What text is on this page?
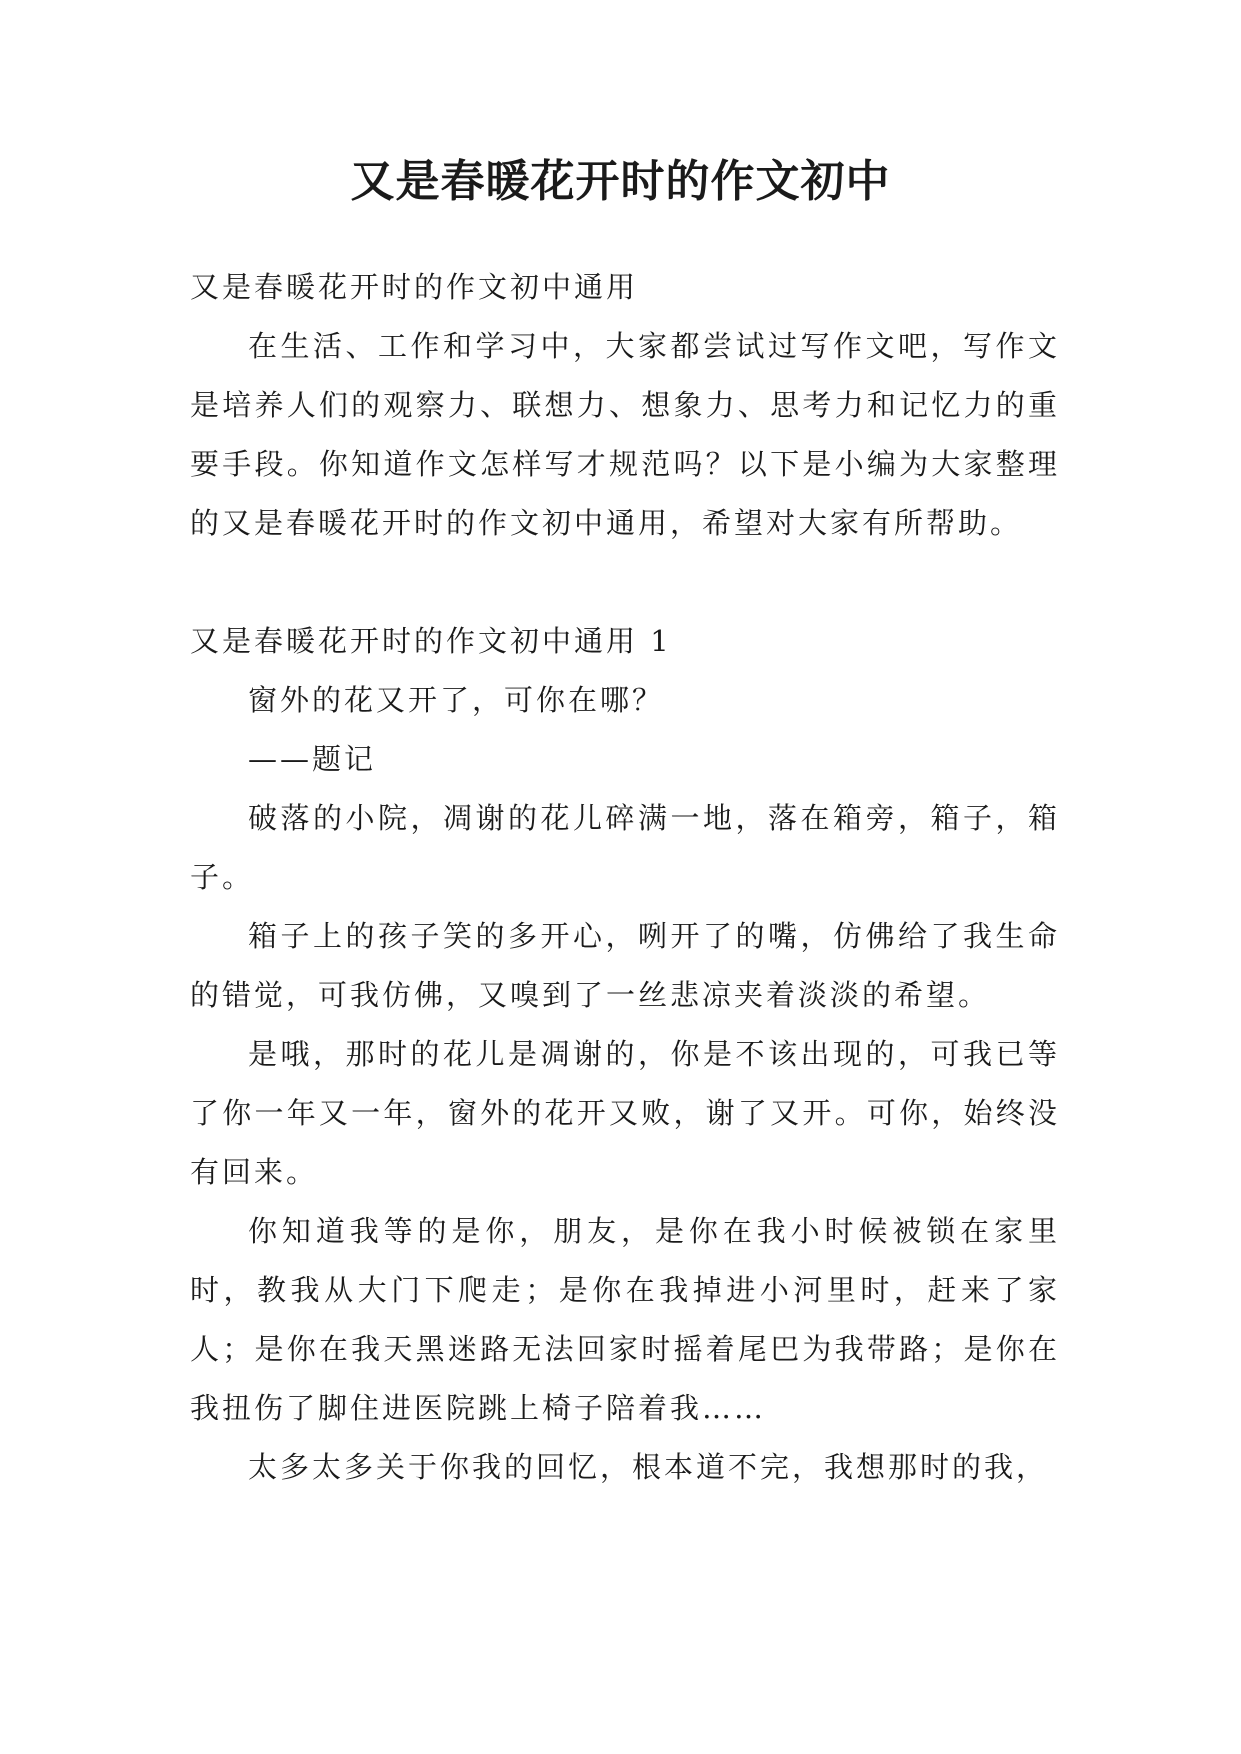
又是春暖花开时的作文初中

又是春暖花开时的作文初中通用

在生活、工作和学习中，大家都尝试过写作文吧，写作文是培养人们的观察力、联想力、想象力、思考力和记忆力的重要手段。你知道作文怎样写才规范吗？以下是小编为大家整理的又是春暖花开时的作文初中通用，希望对大家有所帮助。

又是春暖花开时的作文初中通用 1

窗外的花又开了，可你在哪？

——题记

破落的小院，凋谢的花儿碎满一地，落在箱旁，箱子，箱子。

箱子上的孩子笑的多开心，咧开了的嘴，仿佛给了我生命的错觉，可我仿佛，又嗅到了一丝悲凉夹着淡淡的希望。

是哦，那时的花儿是凋谢的，你是不该出现的，可我已等了你一年又一年，窗外的花开又败，谢了又开。可你，始终没有回来。

你知道我等的是你，朋友，是你在我小时候被锁在家里时，教我从大门下爬走；是你在我掉进小河里时，赶来了家人；是你在我天黑迷路无法回家时摇着尾巴为我带路；是你在我扭伤了脚住进医院跳上椅子陪着我……

太多太多关于你我的回忆，根本道不完，我想那时的我，
